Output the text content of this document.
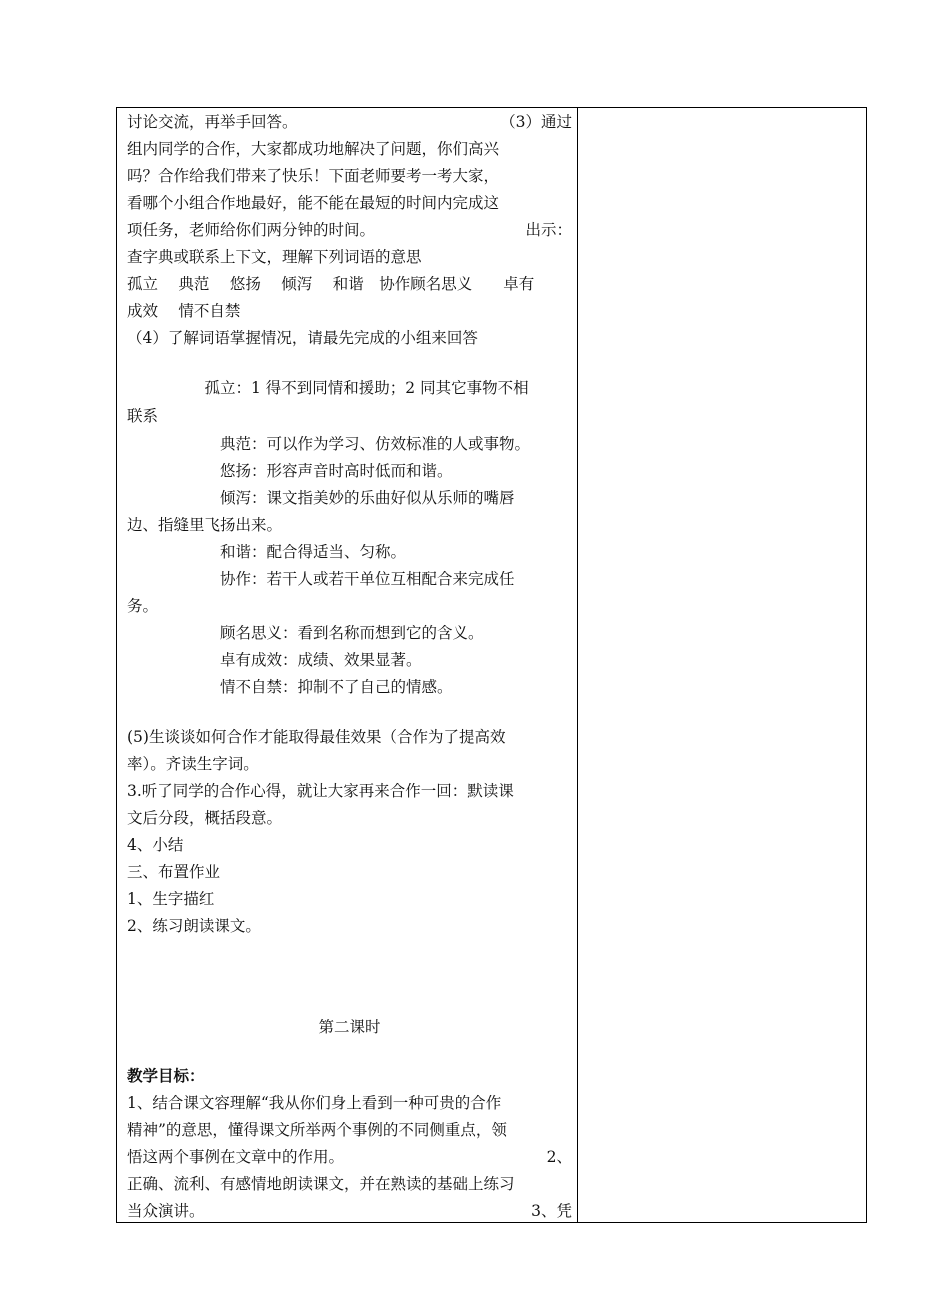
讨论交流，再举手回答。	（3）通过
组内同学的合作，大家都成功地解决了问题，你们高兴
吗？合作给我们带来了快乐！下面老师要考一考大家，
看哪个小组合作地最好，能不能在最短的时间内完成这
项任务，老师给你们两分钟的时间。	出示：
查字典或联系上下文，理解下列词语的意思
孤立　 典范　 悠扬　 倾泻　 和谐　协作顾名思义　　卓有
成效　 情不自禁
（4）了解词语掌握情况，请最先完成的小组来回答
　　　　　孤立：1 得不到同情和援助；2 同其它事物不相
联系
　　　　　　典范：可以作为学习、仿效标准的人或事物。
　　　　　　悠扬：形容声音时高时低而和谐。
　　　　　　倾泻：课文指美妙的乐曲好似从乐师的嘴唇
边、指缝里飞扬出来。
　　　　　　和谐：配合得适当、匀称。
　　　　　　协作：若干人或若干单位互相配合来完成任
务。
　　　　　　顾名思义：看到名称而想到它的含义。
　　　　　　卓有成效：成绩、效果显著。
　　　　　　情不自禁：抑制不了自己的情感。
(5)生谈谈如何合作才能取得最佳效果（合作为了提高效
率）。齐读生字词。
3.听了同学的合作心得，就让大家再来合作一回：默读课
文后分段，概括段意。
4、小结
三、布置作业
1、生字描红
2、练习朗读课文。
第二课时
教学目标：
1、结合课文容理解“我从你们身上看到一种可贵的合作
精神”的意思，懂得课文所举两个事例的不同侧重点，领
悟这两个事例在文章中的作用。	2、
正确、流利、有感情地朗读课文，并在熟读的基础上练习
当众演讲。	3、凭
